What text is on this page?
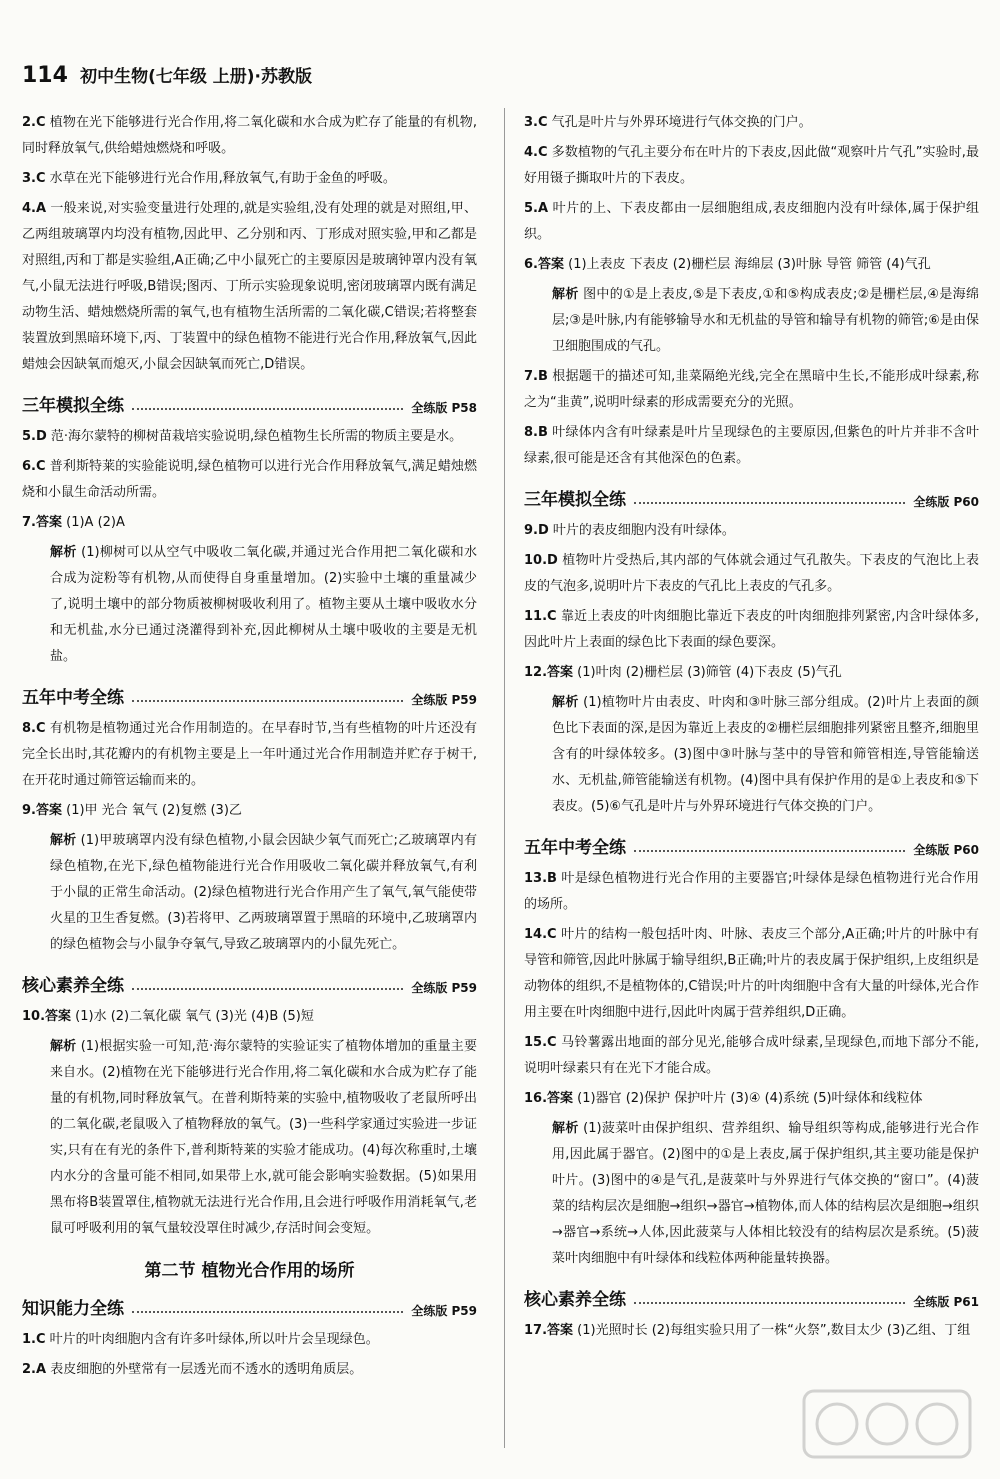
114 初中生物(七年级 上册)·苏教版

2.C 植物在光下能够进行光合作用,将二氧化碳和水合成为贮存了能量的有机物,同时释放氧气,供给蜡烛燃烧和呼吸。

3.C 水草在光下能够进行光合作用,释放氧气,有助于金鱼的呼吸。

4.A 一般来说,对实验变量进行处理的,就是实验组,没有处理的就是对照组,甲、乙两组玻璃罩内均没有植物,因此甲、乙分别和丙、丁形成对照实验,甲和乙都是对照组,丙和丁都是实验组,A正确;乙中小鼠死亡的主要原因是玻璃钟罩内没有氧气,小鼠无法进行呼吸,B错误;图丙、丁所示实验现象说明,密闭玻璃罩内既有满足动物生活、蜡烛燃烧所需的氧气,也有植物生活所需的二氧化碳,C错误;若将整套装置放到黑暗环境下,丙、丁装置中的绿色植物不能进行光合作用,释放氧气,因此蜡烛会因缺氧而熄灭,小鼠会因缺氧而死亡,D错误。

三年模拟全练	全练版 P58

5.D 范·海尔蒙特的柳树苗栽培实验说明,绿色植物生长所需的物质主要是水。

6.C 普利斯特莱的实验能说明,绿色植物可以进行光合作用释放氧气,满足蜡烛燃烧和小鼠生命活动所需。

7.答案 (1)A (2)A

解析 (1)柳树可以从空气中吸收二氧化碳,并通过光合作用把二氧化碳和水合成为淀粉等有机物,从而使得自身重量增加。(2)实验中土壤的重量减少了,说明土壤中的部分物质被柳树吸收利用了。植物主要从土壤中吸收水分和无机盐,水分已通过浇灌得到补充,因此柳树从土壤中吸收的主要是无机盐。

五年中考全练	全练版 P59

8.C 有机物是植物通过光合作用制造的。在早春时节,当有些植物的叶片还没有完全长出时,其花瓣内的有机物主要是上一年叶通过光合作用制造并贮存于树干,在开花时通过筛管运输而来的。

9.答案 (1)甲 光合 氧气 (2)复燃 (3)乙

解析 (1)甲玻璃罩内没有绿色植物,小鼠会因缺少氧气而死亡;乙玻璃罩内有绿色植物,在光下,绿色植物能进行光合作用吸收二氧化碳并释放氧气,有利于小鼠的正常生命活动。(2)绿色植物进行光合作用产生了氧气,氧气能使带火星的卫生香复燃。(3)若将甲、乙两玻璃罩置于黑暗的环境中,乙玻璃罩内的绿色植物会与小鼠争夺氧气,导致乙玻璃罩内的小鼠先死亡。

核心素养全练	全练版 P59

10.答案 (1)水 (2)二氧化碳 氧气 (3)光 (4)B (5)短

解析 (1)根据实验一可知,范·海尔蒙特的实验证实了植物体增加的重量主要来自水。(2)植物在光下能够进行光合作用,将二氧化碳和水合成为贮存了能量的有机物,同时释放氧气。在普利斯特莱的实验中,植物吸收了老鼠所呼出的二氧化碳,老鼠吸入了植物释放的氧气。(3)一些科学家通过实验进一步证实,只有在有光的条件下,普利斯特莱的实验才能成功。(4)每次称重时,土壤内水分的含量可能不相同,如果带上水,就可能会影响实验数据。(5)如果用黑布将B装置罩住,植物就无法进行光合作用,且会进行呼吸作用消耗氧气,老鼠可呼吸利用的氧气量较没罩住时减少,存活时间会变短。

第二节 植物光合作用的场所
知识能力全练	全练版 P59

1.C 叶片的叶肉细胞内含有许多叶绿体,所以叶片会呈现绿色。

2.A 表皮细胞的外壁常有一层透光而不透水的透明角质层。

3.C 气孔是叶片与外界环境进行气体交换的门户。

4.C 多数植物的气孔主要分布在叶片的下表皮,因此做“观察叶片气孔”实验时,最好用镊子撕取叶片的下表皮。

5.A 叶片的上、下表皮都由一层细胞组成,表皮细胞内没有叶绿体,属于保护组织。

6.答案 (1)上表皮 下表皮 (2)栅栏层 海绵层 (3)叶脉 导管 筛管 (4)气孔

解析 图中的①是上表皮,⑤是下表皮,①和⑤构成表皮;②是栅栏层,④是海绵层;③是叶脉,内有能够输导水和无机盐的导管和输导有机物的筛管;⑥是由保卫细胞围成的气孔。

7.B 根据题干的描述可知,韭菜隔绝光线,完全在黑暗中生长,不能形成叶绿素,称之为“韭黄”,说明叶绿素的形成需要充分的光照。

8.B 叶绿体内含有叶绿素是叶片呈现绿色的主要原因,但紫色的叶片并非不含叶绿素,很可能是还含有其他深色的色素。

三年模拟全练	全练版 P60

9.D 叶片的表皮细胞内没有叶绿体。

10.D 植物叶片受热后,其内部的气体就会通过气孔散失。下表皮的气泡比上表皮的气泡多,说明叶片下表皮的气孔比上表皮的气孔多。

11.C 靠近上表皮的叶肉细胞比靠近下表皮的叶肉细胞排列紧密,内含叶绿体多,因此叶片上表面的绿色比下表面的绿色要深。

12.答案 (1)叶肉 (2)栅栏层 (3)筛管 (4)下表皮 (5)气孔

解析 (1)植物叶片由表皮、叶肉和③叶脉三部分组成。(2)叶片上表面的颜色比下表面的深,是因为靠近上表皮的②栅栏层细胞排列紧密且整齐,细胞里含有的叶绿体较多。(3)图中③叶脉与茎中的导管和筛管相连,导管能输送水、无机盐,筛管能输送有机物。(4)图中具有保护作用的是①上表皮和⑤下表皮。(5)⑥气孔是叶片与外界环境进行气体交换的门户。

五年中考全练	全练版 P60

13.B 叶是绿色植物进行光合作用的主要器官;叶绿体是绿色植物进行光合作用的场所。

14.C 叶片的结构一般包括叶肉、叶脉、表皮三个部分,A正确;叶片的叶脉中有导管和筛管,因此叶脉属于输导组织,B正确;叶片的表皮属于保护组织,上皮组织是动物体的组织,不是植物体的,C错误;叶片的叶肉细胞中含有大量的叶绿体,光合作用主要在叶肉细胞中进行,因此叶肉属于营养组织,D正确。

15.C 马铃薯露出地面的部分见光,能够合成叶绿素,呈现绿色,而地下部分不能,说明叶绿素只有在光下才能合成。

16.答案 (1)器官 (2)保护 保护叶片 (3)④ (4)系统 (5)叶绿体和线粒体

解析 (1)菠菜叶由保护组织、营养组织、输导组织等构成,能够进行光合作用,因此属于器官。(2)图中的①是上表皮,属于保护组织,其主要功能是保护叶片。(3)图中的④是气孔,是菠菜叶与外界进行气体交换的“窗口”。(4)菠菜的结构层次是细胞→组织→器官→植物体,而人体的结构层次是细胞→组织→器官→系统→人体,因此菠菜与人体相比较没有的结构层次是系统。(5)菠菜叶肉细胞中有叶绿体和线粒体两种能量转换器。

核心素养全练	全练版 P61

17.答案 (1)光照时长 (2)每组实验只用了一株“火祭”,数目太少 (3)乙组、丁组
